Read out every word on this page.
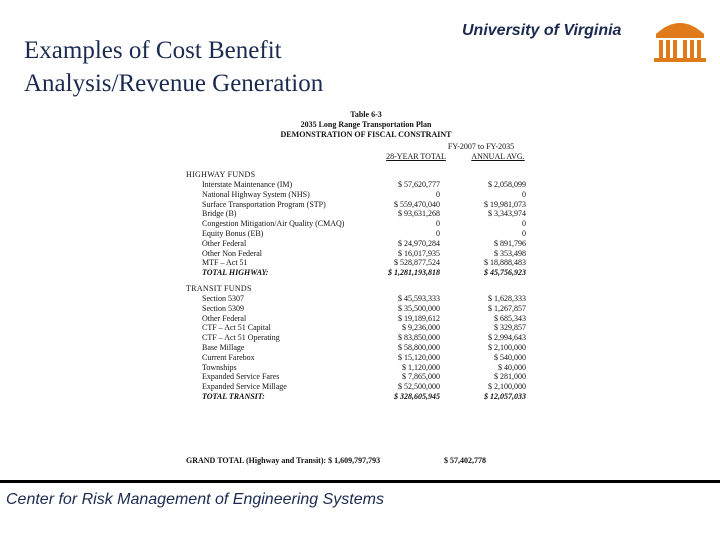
Examples of Cost Benefit
Analysis/Revenue Generation
University of Virginia
Table 6-3
2035 Long Range Transportation Plan
DEMONSTRATION OF FISCAL CONSTRAINT
FY-2007 to FY-2035
28-YEAR TOTAL	ANNUAL AVG.
HIGHWAY FUNDS
Interstate Maintenance (IM)	$ 57,620,777	$ 2,058,099
National Highway System (NHS)	0	0
Surface Transportation Program (STP)	$ 559,470,040	$ 19,981,073
Bridge (B)	$ 93,631,268	$ 3,343,974
Congestion Mitigation/Air Quality (CMAQ)	0	0
Equity Bonus (EB)	0	0
Other Federal	$ 24,970,284	$ 891,796
Other Non Federal	$ 16,017,935	$ 353,498
MTF – Act 51	$ 528,877,524	$ 18,888,483
TOTAL HIGHWAY:	$ 1,281,193,818	$ 45,756,923
TRANSIT FUNDS
Section 5307	$ 45,593,333	$ 1,628,333
Section 5309	$ 35,500,000	$ 1,267,857
Other Federal	$ 19,189,612	$ 685,343
CTF – Act 51 Capital	$ 9,236,000	$ 329,857
CTF – Act 51 Operating	$ 83,850,000	$ 2,994,643
Base Millage	$ 58,800,000	$ 2,100,000
Current Farebox	$ 15,120,000	$ 540,000
Townships	$ 1,120,000	$ 40,000
Expanded Service Fares	$ 7,865,000	$ 281,000
Expanded Service Millage	$ 52,500,000	$ 2,100,000
TOTAL TRANSIT:	$ 328,605,945	$ 12,057,033
GRAND TOTAL (Highway and Transit): $ 1,609,797,793	$ 57,402,778
Center for Risk Management of Engineering Systems
